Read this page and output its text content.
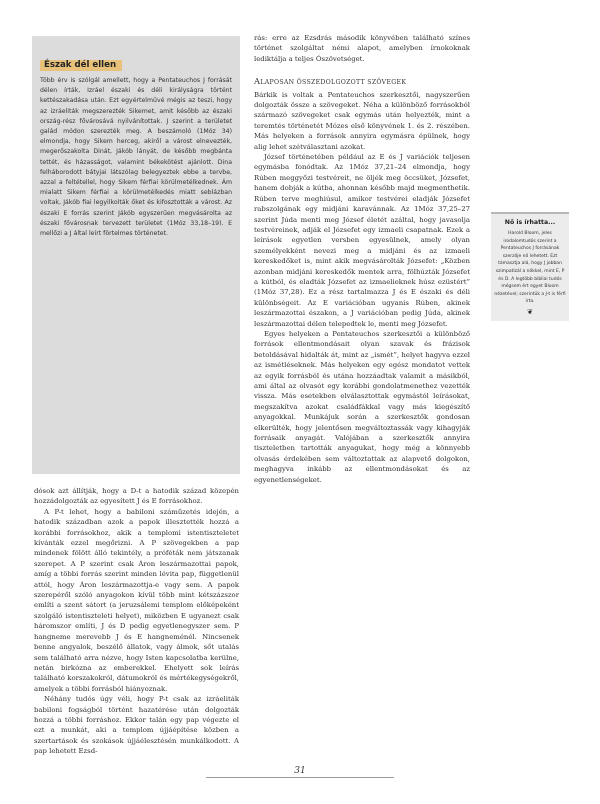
Észak dél ellen

Több érv is szólgál amellett, hogy a Pentateuchos J forrását délen írták, Izráel északi és déli királyságra történt kettészakadása után. Ezt egyértelművé mégis az teszi, hogy az izráeliták megszerezték Sikemet, amit később az északi ország-rész fővárosává nyilvánítottak. J szerint a területet galád módon szerezték meg. A beszámoló (1Móz 34) elmondja, hogy Sikem herceg, akiről a várost elnevezték, megerőszakolta Dinát, Jákób lányát, de később megbánta tettét, és házasságot, valamint békekötést ajánlott. Dina felháborodott bátyjai látszólag belegyeztek ebbe a tervbe, azzal a feltétellel, hogy Sikem férfiai körülmetélkednek. Ám mialatt Sikem férfiai a körülmetélkedés miatt seblázban voltak, Jákób fiai legyilkolták őket és kifosztották a várost. Az északi E forrás szerint Jákób egyszerűen megvásárolta az északi fővárosnak tervezett területet (1Móz 33,18–19). E mellőzi a J által leírt förtelmes történetet.

dósok azt állítják, hogy a D-t a hatodik század közepén hozzádolgozták az egyesített J és E forrásokhoz.

A P-t lehet, hogy a babiloni száműzetés idején, a hatodik században azok a papok illesztették hozzá a korábbi forrásokhoz, akik a templomi istentiszteletet kívánták ezzel megőrizni. A P szövegekben a pap mindenek fölött álló tekintély, a próféták nem játszanak szerepet. A P szerint csak Áron leszármazottai papok, amíg a többi forrás szerint minden lévita pap, függetlenül attól, hogy Áron leszármazottja-e vagy sem. A papok szerepéről szóló anyagokon kívül több mint kétszázszor említi a szent sátort (a jeruzsálemi templom előképeként szolgáló istentiszteleti helyet), miközben E ugyanezt csak háromszor említi, J és D pedig egyetlenegyszer sem. P hangneme merevebb J és E hangneménél. Nincsenek benne angyalok, beszélő állatok, vagy álmok, sőt utalás sem található arra nézve, hogy Isten kapcsolatba kerülne, netán birkózna az emberekkel. Ehelyett sok leírás található korszakokról, dátumokról és mértékegységekről, amelyek a többi forrásból hiányoznak.

Néhány tudós úgy véli, hogy P-t csak az izráeliták babiloni fogságból történt hazatérése után dolgozták hozzá a többi forráshoz. Ekkor talán egy pap végezte el ezt a munkát, aki a templom újjáépítése közben a szertartások és szokások újjáélesztésén munkálkodott. A pap lehetett Ezsd-

rás: erre az Ezsdrás második könyvében található színes történet szolgáltat némi alapot, amelyben írnokoknak lediktálja a teljes Ószövetséget.

ALAPOSAN ÖSSZEDOLGOZOTT SZÖVEGEK

Bárkik is voltak a Pentateuchos szerkesztői, nagyszerűen dolgozták össze a szövegeket. Néha a különböző forrásokból származó szövegeket csak egymás után helyezték, mint a teremtés történetét Mózes első könyvének 1. és 2. részében. Más helyeken a források annyira egymásra épülnek, hogy alig lehet szétválasztani azokat.

József történetében például az E és J variációk teljesen egymásba fonódtak. Az 1Móz 37,21–24 elmondja, hogy Rúben meggyőzi testvéreit, ne öljék meg öccsüket, Józsefet, hanem dobják a kútba, ahonnan később majd megmenthetik. Rúben terve meghiúsul, amikor testvérei eladják Józsefet rabszolgának egy midjáni karavánnak. Az 1Móz 37,25–27 szerint Júda menti meg József életét azáltal, hogy javasolja testvéreinek, adják el Józsefet egy izmaeli csapatnak. Ezek a leírások egyetlen versben egyesülnek, amely olyan személyekként nevezi meg a midjáni és az izmaeli kereskedőket is, mint akik megvásárolták Józsefet: „Közben azonban midjáni kereskedők mentek arra, fölhúzták Józsefet a kútból, és eladták Józsefet az izmaelieknek húsz ezüstért” (1Móz 37,28). Ez a rész tartalmazza J és E északi és déli különbségeit. Az E variációban ugyanis Rúben, akinek leszármazottai északon, a J variációban pedig Júda, akinek leszármazottai délen telepedtek le, menti meg Józsefet.

Egyes helyeken a Pentateuchos szerkesztői a különböző források ellentmondásait olyan szavak és frázisok betoldásával hidalták át, mint az „ismét”, helyet hagyva ezzel az ismétléseknek. Más helyeken egy egész mondatot vettek az egyik forrásból és utána hozzáadtak valamit a másikból, ami által az olvasót egy korábbi gondolatmenethez vezették vissza. Más esetekben elválasztottak egymástól leírásokat, megszakítva azokat családfákkal vagy más kiegészítő anyagokkal. Munkájuk során a szerkesztők gondosan elkerülték, hogy jelentősen megváltoztassák vagy kihagyják forrásaik anyagát. Valójában a szerkesztők annyira tiszteletben tartották anyagukat, hogy még a könnyebb olvasás érdekében sem változtattak az alapvető dolgokon, meghagyva inkább az ellentmondásokat és az egyenetlenségeket.

Nő is írhatta...

Harold Bloom, jeles irodalomtudós szerint a Pentateuchos J forrásának szerzője nő lehetett. Ezt támasztja alá, hogy J jobban szimpatizál a nőkkel, mint E, P és D. A legtöbb bibliai tudós mégsem ért egyet Bloom nézetével; szerintük a J-t is férfi írta.

❦
31
